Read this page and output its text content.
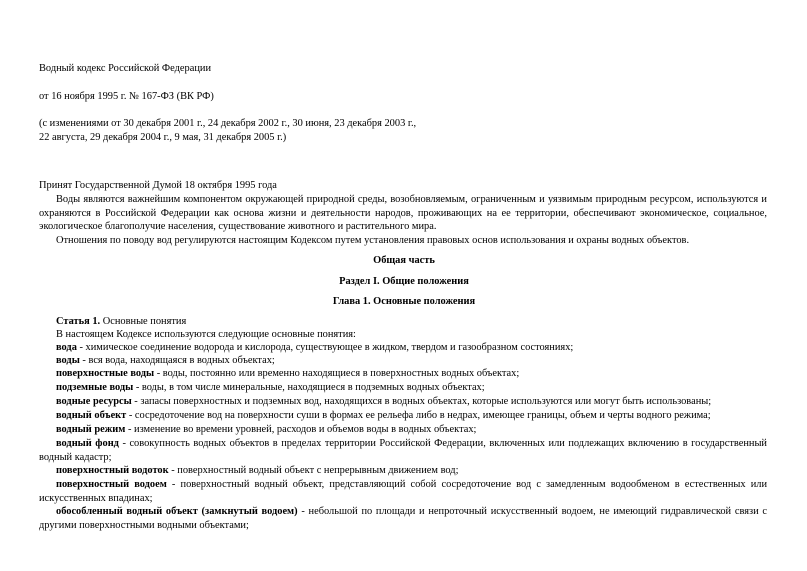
Водный кодекс Российской Федерации
от 16 ноября 1995 г. № 167-ФЗ (ВК РФ)
(с изменениями от 30 декабря 2001 г., 24 декабря 2002 г., 30 июня, 23 декабря 2003 г.,
22 августа, 29 декабря 2004 г., 9 мая, 31 декабря 2005 г.)
Принят Государственной Думой 18 октября 1995 года
Воды являются важнейшим компонентом окружающей природной среды, возобновляемым, ограниченным и уязвимым природным ресурсом, используются и охраняются в Российской Федерации как основа жизни и деятельности народов, проживающих на ее территории, обеспечивают экономическое, социальное, экологическое благополучие населения, существование животного и растительного мира.
Отношения по поводу вод регулируются настоящим Кодексом путем установления правовых основ использования и охраны водных объектов.
Общая часть
Раздел I. Общие положения
Глава 1. Основные положения
Статья 1. Основные понятия
В настоящем Кодексе используются следующие основные понятия:
вода - химическое соединение водорода и кислорода, существующее в жидком, твердом и газообразном состояниях;
воды - вся вода, находящаяся в водных объектах;
поверхностные воды - воды, постоянно или временно находящиеся в поверхностных водных объектах;
подземные воды - воды, в том числе минеральные, находящиеся в подземных водных объектах;
водные ресурсы - запасы поверхностных и подземных вод, находящихся в водных объектах, которые используются или могут быть использованы;
водный объект - сосредоточение вод на поверхности суши в формах ее рельефа либо в недрах, имеющее границы, объем и черты водного режима;
водный режим - изменение во времени уровней, расходов и объемов воды в водных объектах;
водный фонд - совокупность водных объектов в пределах территории Российской Федерации, включенных или подлежащих включению в государственный водный кадастр;
поверхностный водоток - поверхностный водный объект с непрерывным движением вод;
поверхностный водоем - поверхностный водный объект, представляющий собой сосредоточение вод с замедленным водообменом в естественных или искусственных впадинах;
обособленный водный объект (замкнутый водоем) - небольшой по площади и непроточный искусственный водоем, не имеющий гидравлической связи с другими поверхностными водными объектами;
